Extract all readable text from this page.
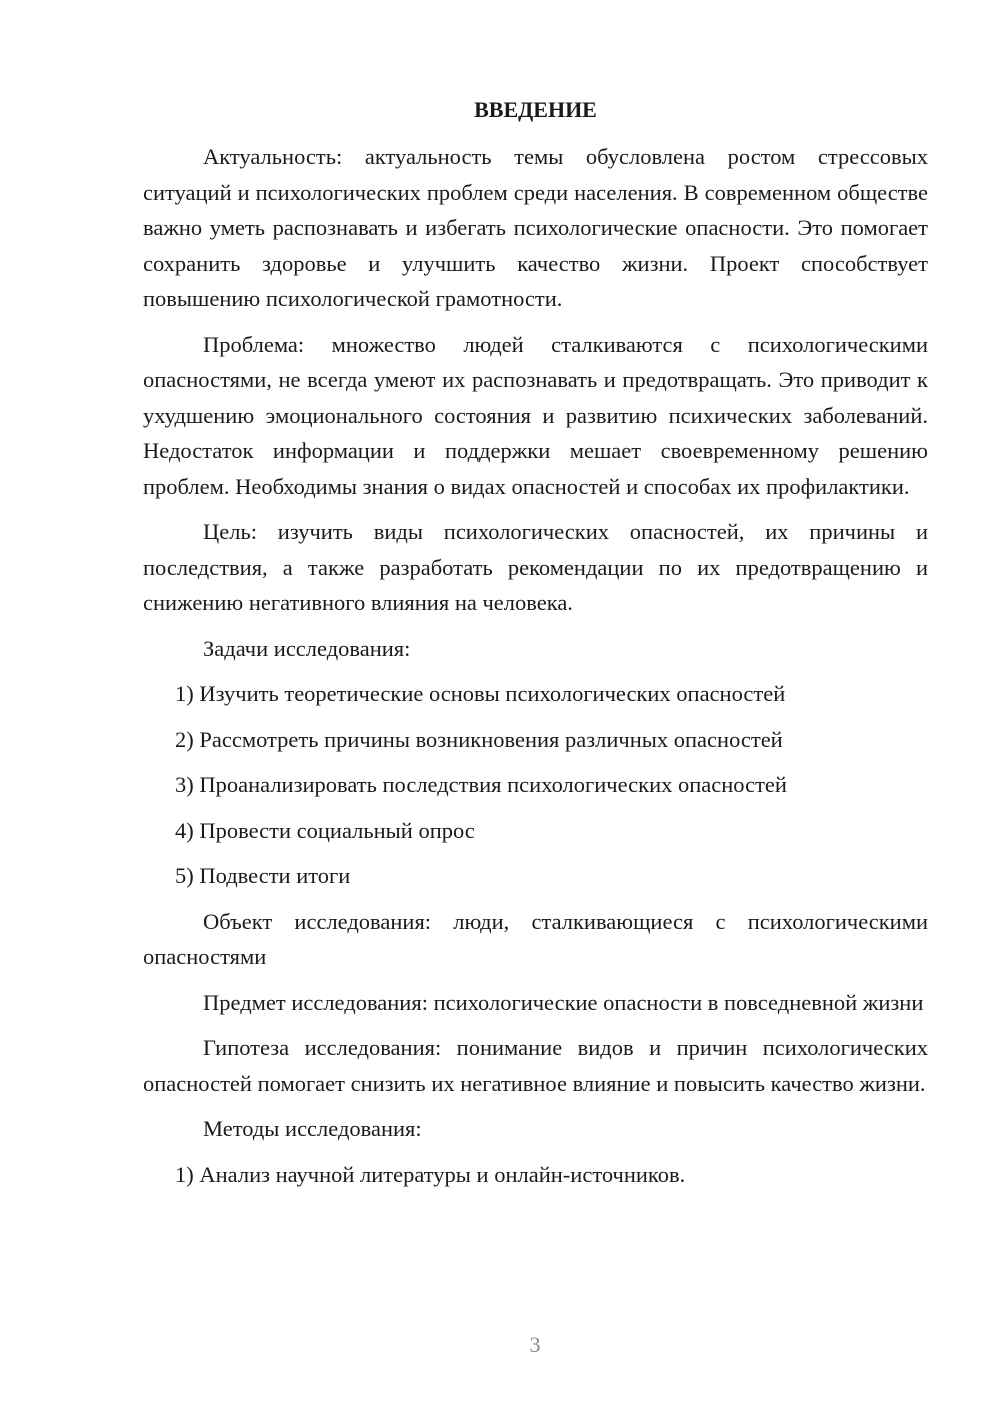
ВВЕДЕНИЕ

Актуальность: актуальность темы обусловлена ростом стрессовых ситуаций и психологических проблем среди населения. В современном обществе важно уметь распознавать и избегать психологические опасности. Это помогает сохранить здоровье и улучшить качество жизни. Проект способствует повышению психологической грамотности.

Проблема: множество людей сталкиваются с психологическими опасностями, не всегда умеют их распознавать и предотвращать. Это приводит к ухудшению эмоционального состояния и развитию психических заболеваний. Недостаток информации и поддержки мешает своевременному решению проблем. Необходимы знания о видах опасностей и способах их профилактики.

Цель: изучить виды психологических опасностей, их причины и последствия, а также разработать рекомендации по их предотвращению и снижению негативного влияния на человека.

Задачи исследования:

1) Изучить теоретические основы психологических опасностей
2) Рассмотреть причины возникновения различных опасностей
3) Проанализировать последствия психологических опасностей
4) Провести социальный опрос
5) Подвести итоги

Объект исследования: люди, сталкивающиеся с психологическими опасностями

Предмет исследования: психологические опасности в повседневной жизни

Гипотеза исследования: понимание видов и причин психологических опасностей помогает снизить их негативное влияние и повысить качество жизни.

Методы исследования:

1) Анализ научной литературы и онлайн-источников.
3
